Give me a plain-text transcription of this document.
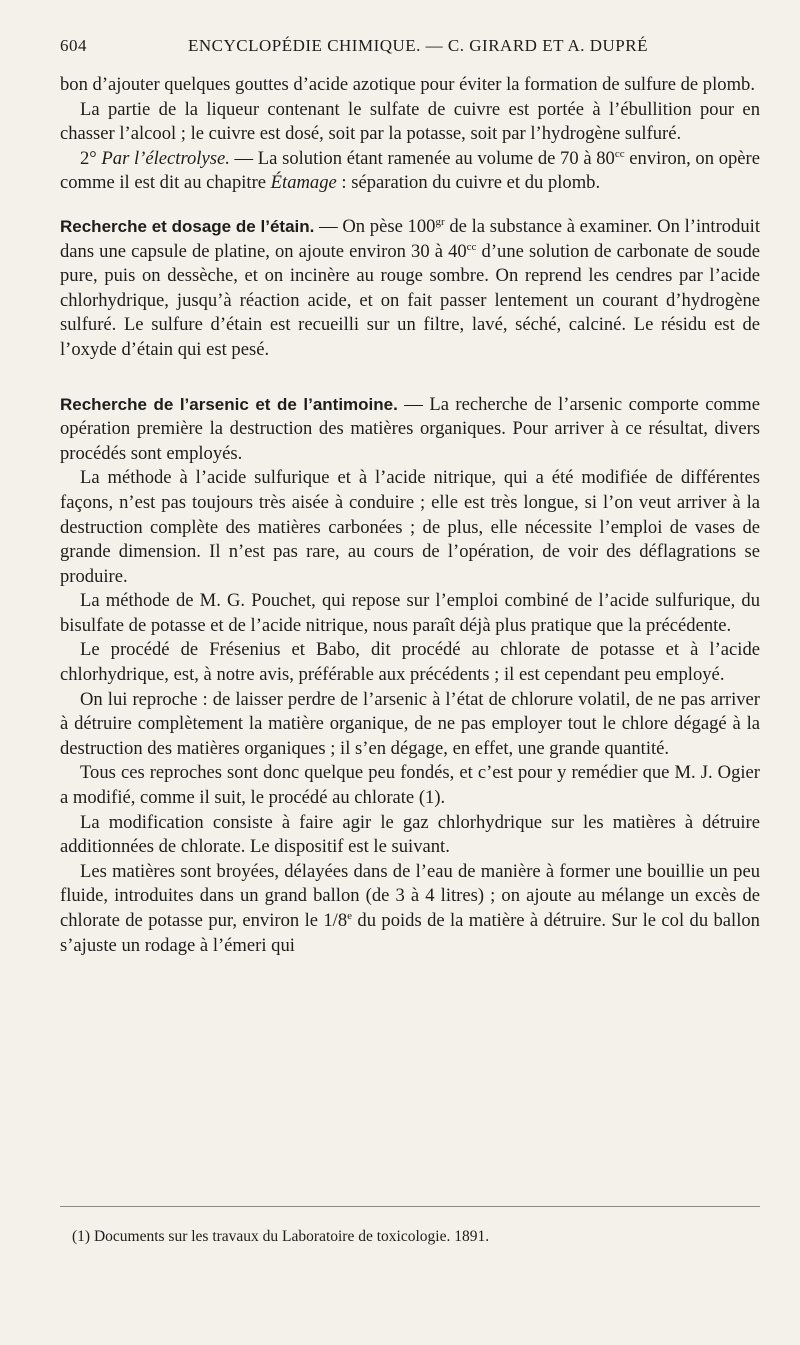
604	ENCYCLOPÉDIE CHIMIQUE. — C. GIRARD ET A. DUPRÉ

bon d’ajouter quelques gouttes d’acide azotique pour éviter la formation de sulfure de plomb.

La partie de la liqueur contenant le sulfate de cuivre est portée à l’ébullition pour en chasser l’alcool ; le cuivre est dosé, soit par la potasse, soit par l’hydrogène sulfuré.

2° Par l’électrolyse. — La solution étant ramenée au volume de 70 à $80^{cc}$ environ, on opère comme il est dit au chapitre Étamage : séparation du cuivre et du plomb.

Recherche et dosage de l’étain. — On pèse $100^{gr}$ de la substance à examiner. On l’introduit dans une capsule de platine, on ajoute environ 30 à $40^{cc}$ d’une solution de carbonate de soude pure, puis on dessèche, et on incinère au rouge sombre. On reprend les cendres par l’acide chlorhydrique, jusqu’à réaction acide, et on fait passer lentement un courant d’hydrogène sulfuré. Le sulfure d’étain est recueilli sur un filtre, lavé, séché, calciné. Le résidu est de l’oxyde d’étain qui est pesé.

Recherche de l’arsenic et de l’antimoine. — La recherche de l’arsenic comporte comme opération première la destruction des matières organiques. Pour arriver à ce résultat, divers procédés sont employés.

La méthode à l’acide sulfurique et à l’acide nitrique, qui a été modifiée de différentes façons, n’est pas toujours très aisée à conduire ; elle est très longue, si l’on veut arriver à la destruction complète des matières carbonées ; de plus, elle nécessite l’emploi de vases de grande dimension. Il n’est pas rare, au cours de l’opération, de voir des déflagrations se produire.

La méthode de M. G. Pouchet, qui repose sur l’emploi combiné de l’acide sulfurique, du bisulfate de potasse et de l’acide nitrique, nous paraît déjà plus pratique que la précédente.

Le procédé de Frésenius et Babo, dit procédé au chlorate de potasse et à l’acide chlorhydrique, est, à notre avis, préférable aux précédents ; il est cependant peu employé.

On lui reproche : de laisser perdre de l’arsenic à l’état de chlorure volatil, de ne pas arriver à détruire complètement la matière organique, de ne pas employer tout le chlore dégagé à la destruction des matières organiques ; il s’en dégage, en effet, une grande quantité.

Tous ces reproches sont donc quelque peu fondés, et c’est pour y remédier que M. J. Ogier a modifié, comme il suit, le procédé au chlorate (1).

La modification consiste à faire agir le gaz chlorhydrique sur les matières à détruire additionnées de chlorate. Le dispositif est le suivant.

Les matières sont broyées, délayées dans de l’eau de manière à former une bouillie un peu fluide, introduites dans un grand ballon (de 3 à 4 litres) ; on ajoute au mélange un excès de chlorate de potasse pur, environ le 1/8e du poids de la matière à détruire. Sur le col du ballon s’ajuste un rodage à l’émeri qui

(1) Documents sur les travaux du Laboratoire de toxicologie. 1891.
